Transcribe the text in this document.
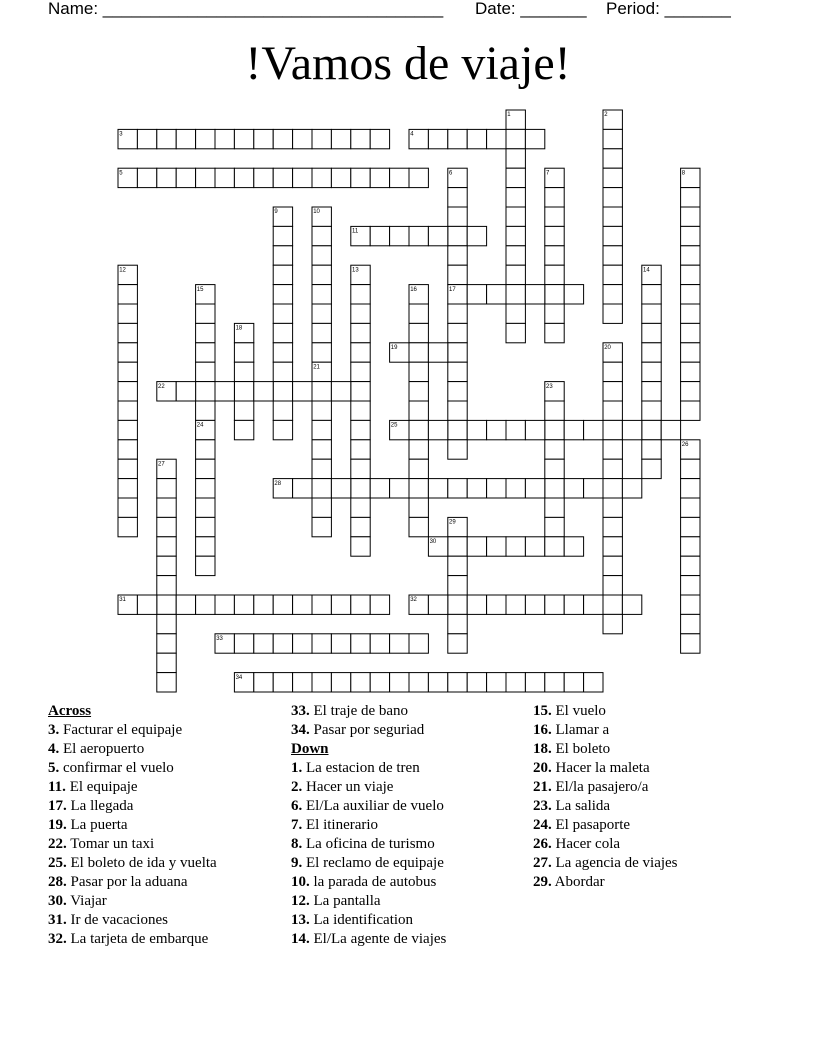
Name: ____________________________________ Date: _______ Period: _______
!Vamos de viaje!
1	2
3	4
5	6	7	8
9	10
11
12	13	14
15	16	17
18
19	20
21
22	23
24	25
26
27
28
29
30
31	32
33
34
Across
3. Facturar el equipaje
4. El aeropuerto
5. confirmar el vuelo
11. El equipaje
17. La llegada
19. La puerta
22. Tomar un taxi
25. El boleto de ida y vuelta
28. Pasar por la aduana
30. Viajar
31. Ir de vacaciones
32. La tarjeta de embarque
33. El traje de bano
34. Pasar por seguriad
Down
1. La estacion de tren
2. Hacer un viaje
6. El/La auxiliar de vuelo
7. El itinerario
8. La oficina de turismo
9. El reclamo de equipaje
10. la parada de autobus
12. La pantalla
13. La identification
14. El/La agente de viajes
15. El vuelo
16. Llamar a
18. El boleto
20. Hacer la maleta
21. El/la pasajero/a
23. La salida
24. El pasaporte
26. Hacer cola
27. La agencia de viajes
29. Abordar
